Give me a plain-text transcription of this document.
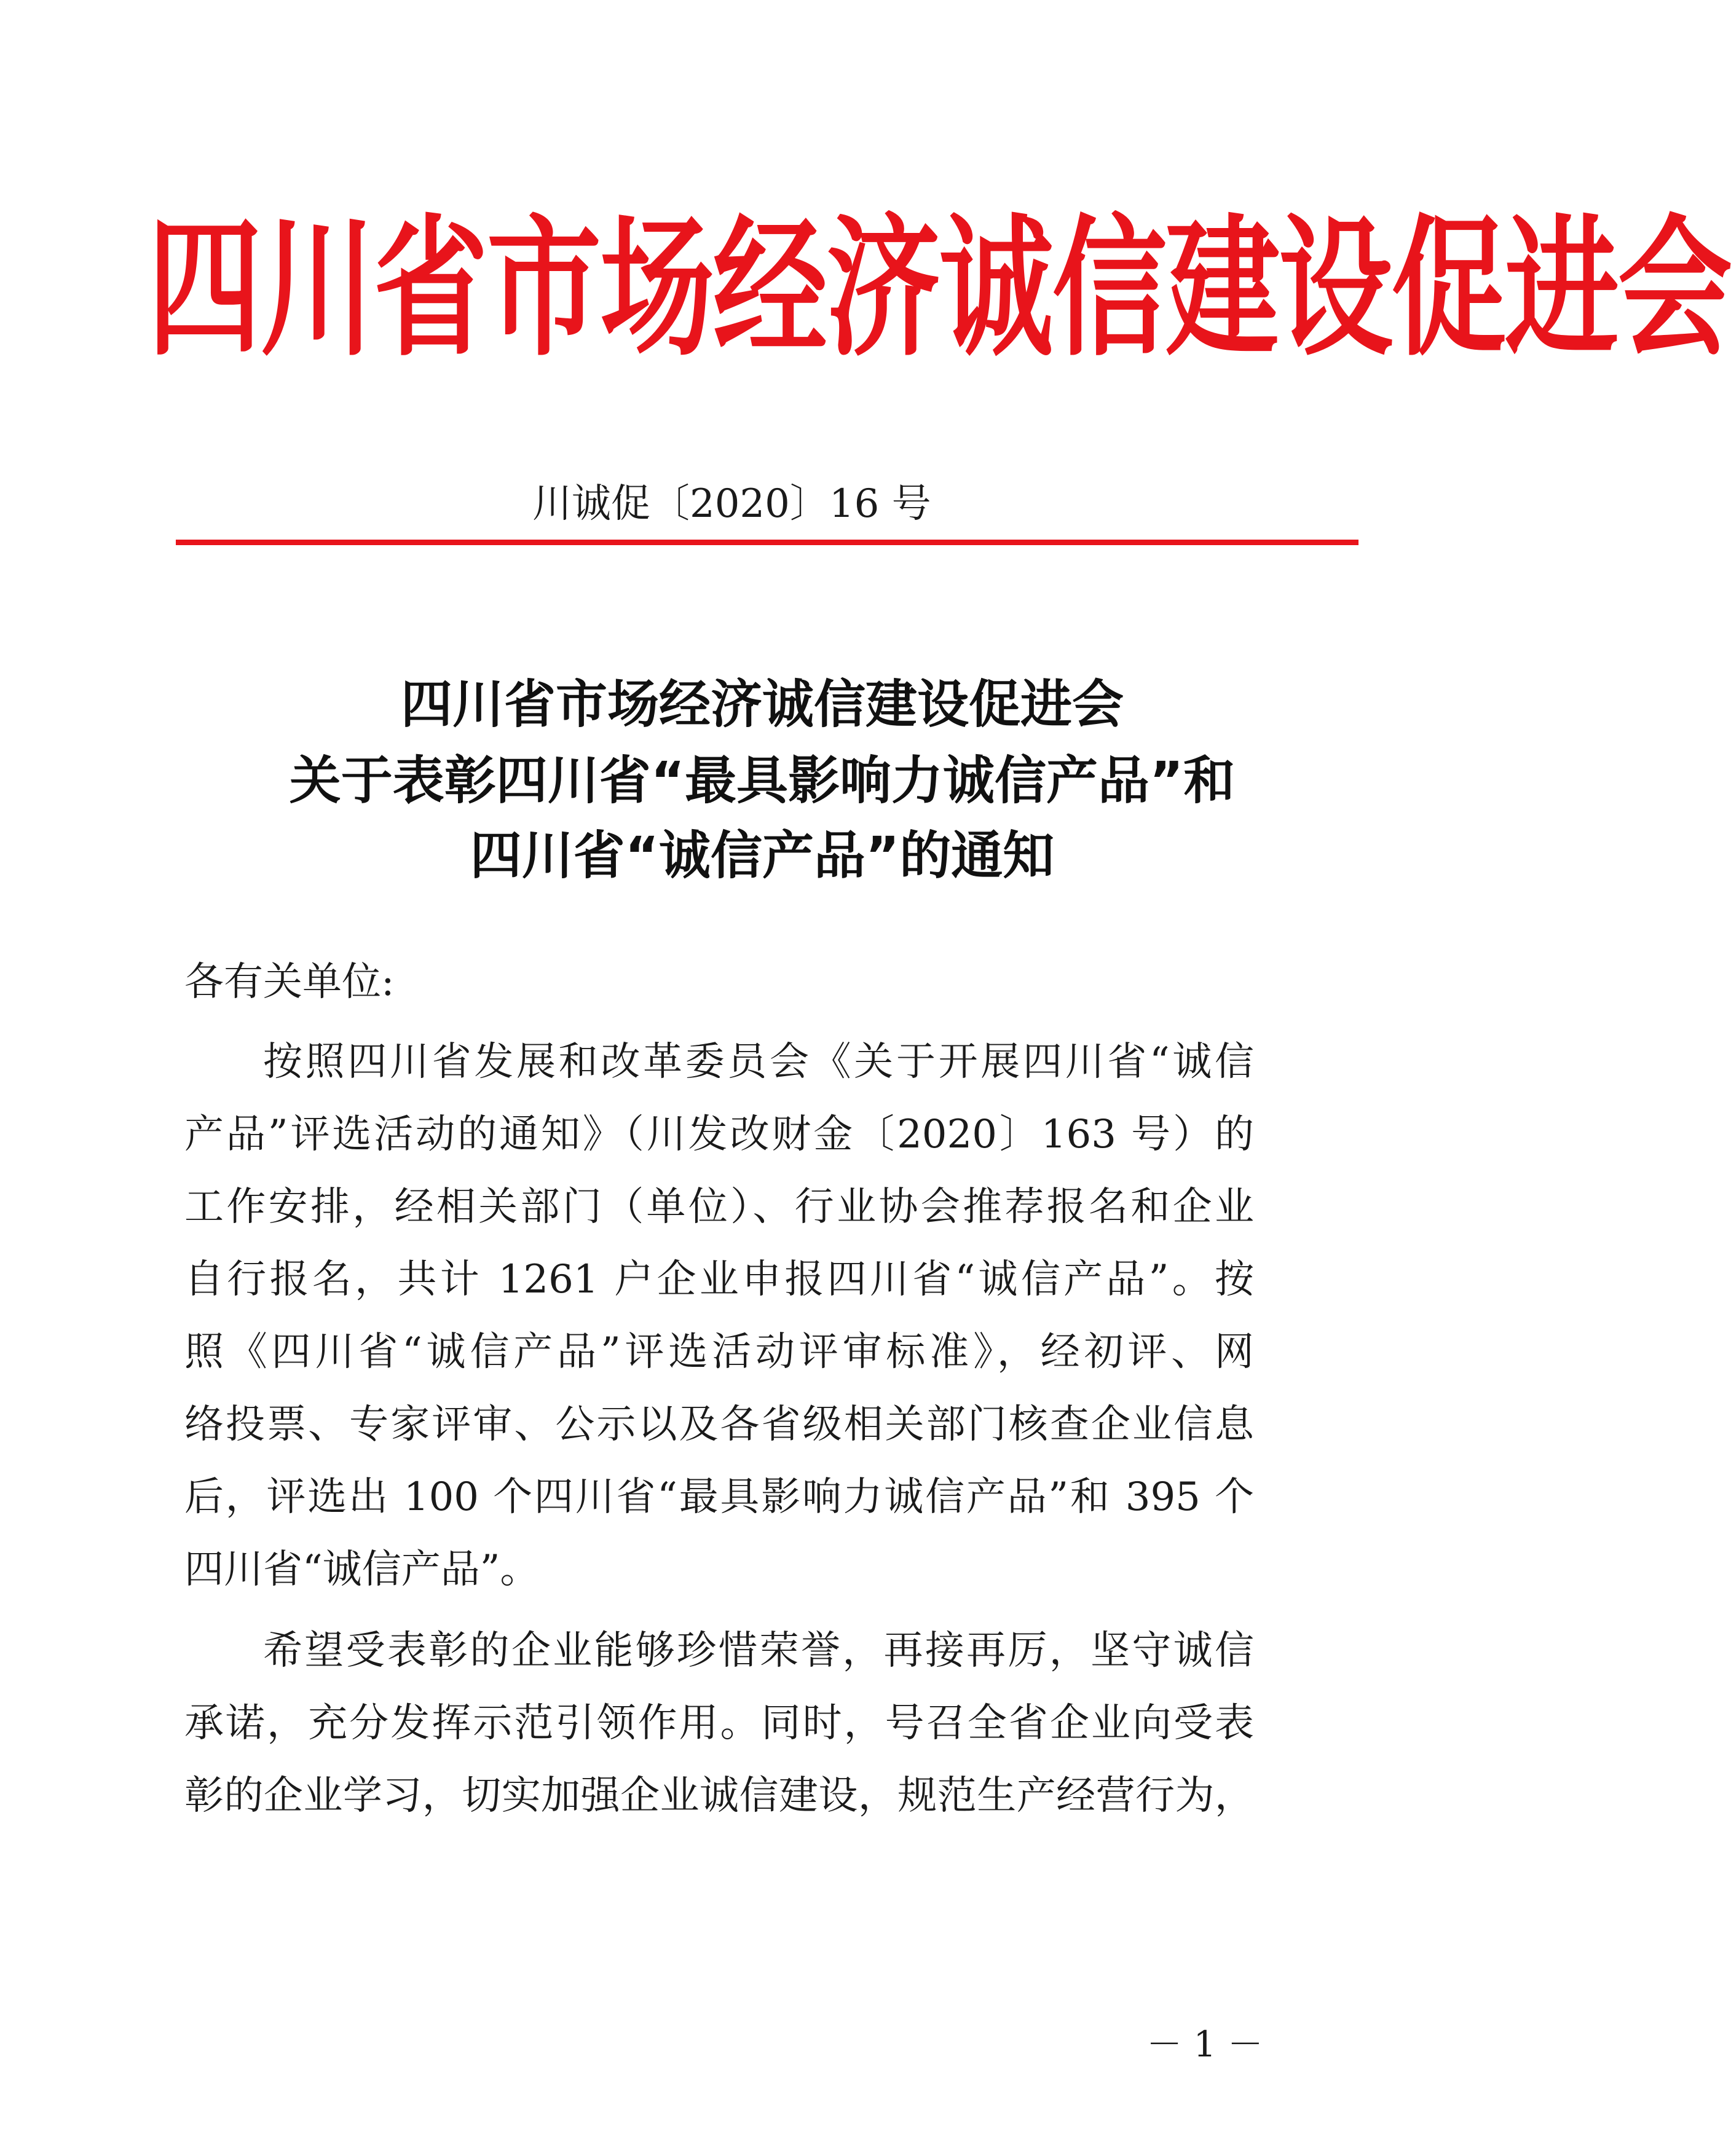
四川省市场经济诚信建设促进会
川诚促〔2020〕16 号
四川省市场经济诚信建设促进会
关于表彰四川省“最具影响力诚信产品”和
四川省“诚信产品”的通知
各有关单位:
按照四川省发展和改革委员会《关于开展四川省“诚信
产品”评选活动的通知》（川发改财金〔2020〕163 号）的
工作安排，经相关部门（单位）、行业协会推荐报名和企业
自行报名，共计 1261 户企业申报四川省“诚信产品”。按
照《四川省“诚信产品”评选活动评审标准》，经初评、网
络投票、专家评审、公示以及各省级相关部门核查企业信息
后，评选出 100 个四川省“最具影响力诚信产品”和 395 个
四川省“诚信产品”。
希望受表彰的企业能够珍惜荣誉，再接再厉，坚守诚信
承诺，充分发挥示范引领作用。同时，号召全省企业向受表
彰的企业学习，切实加强企业诚信建设，规范生产经营行为，
－ 1 －
